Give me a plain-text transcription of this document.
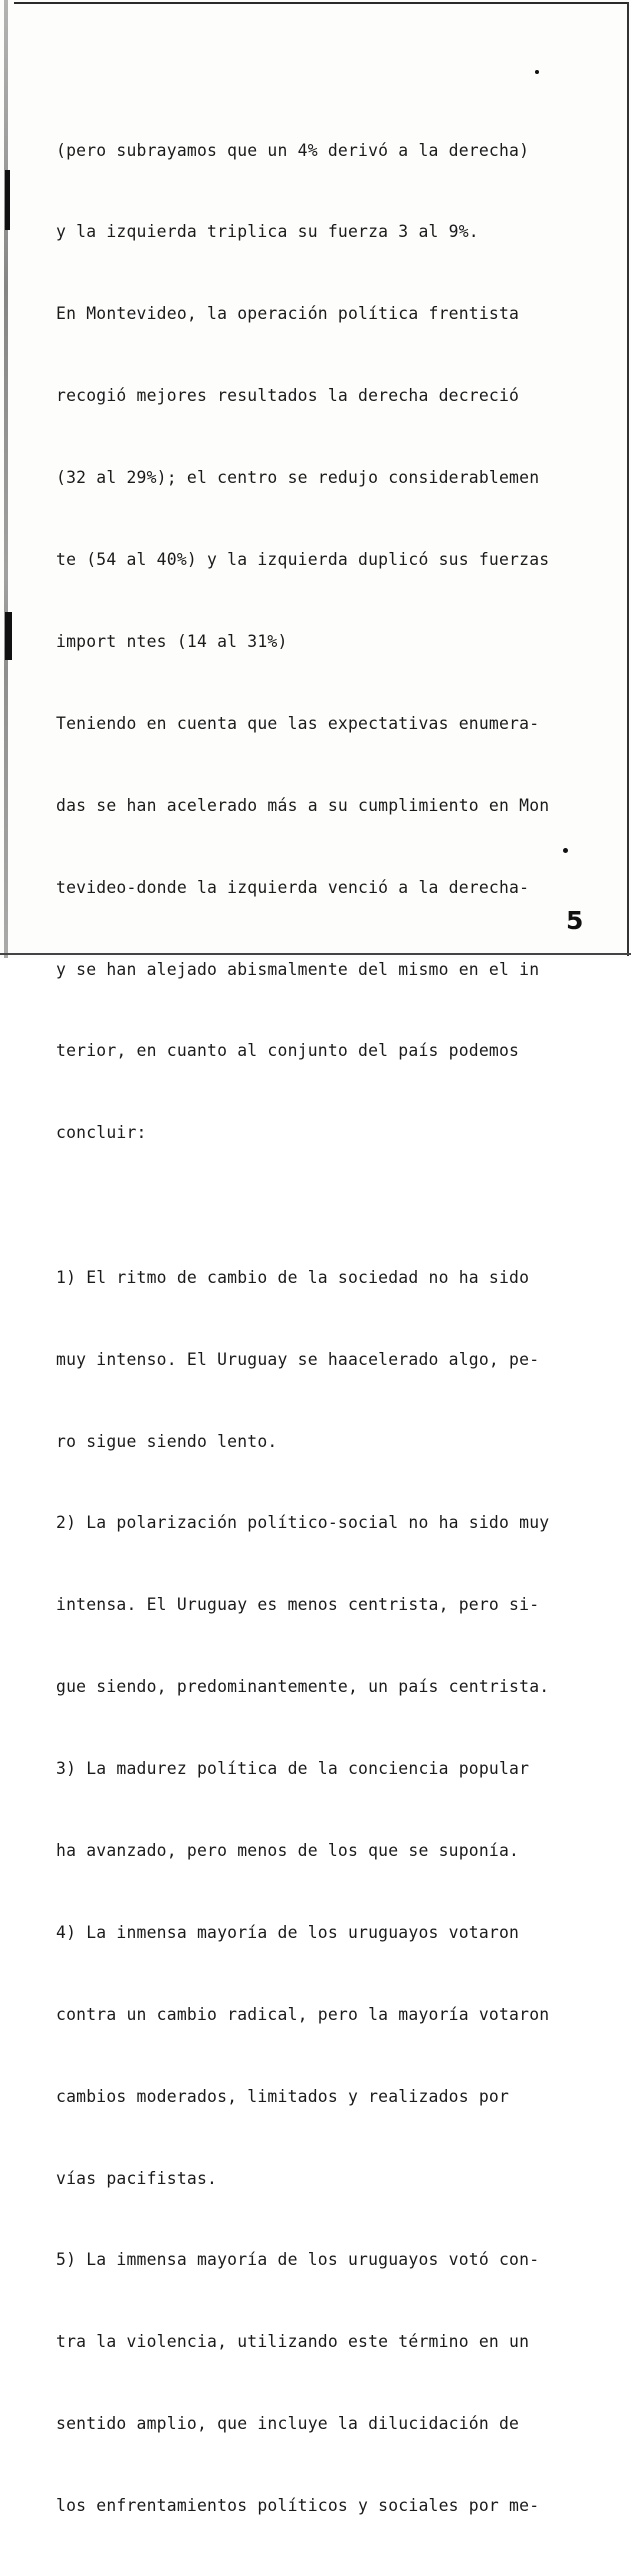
(pero subrayamos que un 4% derivó a la derecha)

y la izquierda triplica su fuerza 3 al 9%.

En Montevideo, la operación política frentista

recogió mejores resultados la derecha decreció

(32 al 29%); el centro se redujo considerablemen

te (54 al 40%) y la izquierda duplicó sus fuerzas

import ntes (14 al 31%)

Teniendo en cuenta que las expectativas enumera-

das se han acelerado más a su cumplimiento en Mon

tevideo-donde la izquierda venció a la derecha-

y se han alejado abismalmente del mismo en el in

terior, en cuanto al conjunto del país podemos

concluir:

1) El ritmo de cambio de la sociedad no ha sido

muy intenso. El Uruguay se haacelerado algo, pe-

ro sigue siendo lento.

2) La polarización político-social no ha sido muy

intensa. El Uruguay es menos centrista, pero si-

gue siendo, predominantemente, un país centrista.

3) La madurez política de la conciencia popular

ha avanzado, pero menos de los que se suponía.

4) La inmensa mayoría de los uruguayos votaron

contra un cambio radical, pero la mayoría votaron

cambios moderados, limitados y realizados por

vías pacifistas.

5) La immensa mayoría de los uruguayos votó con-

tra la violencia, utilizando este término en un

sentido amplio, que incluye la dilucidación de

los enfrentamientos políticos y sociales por me-

5
